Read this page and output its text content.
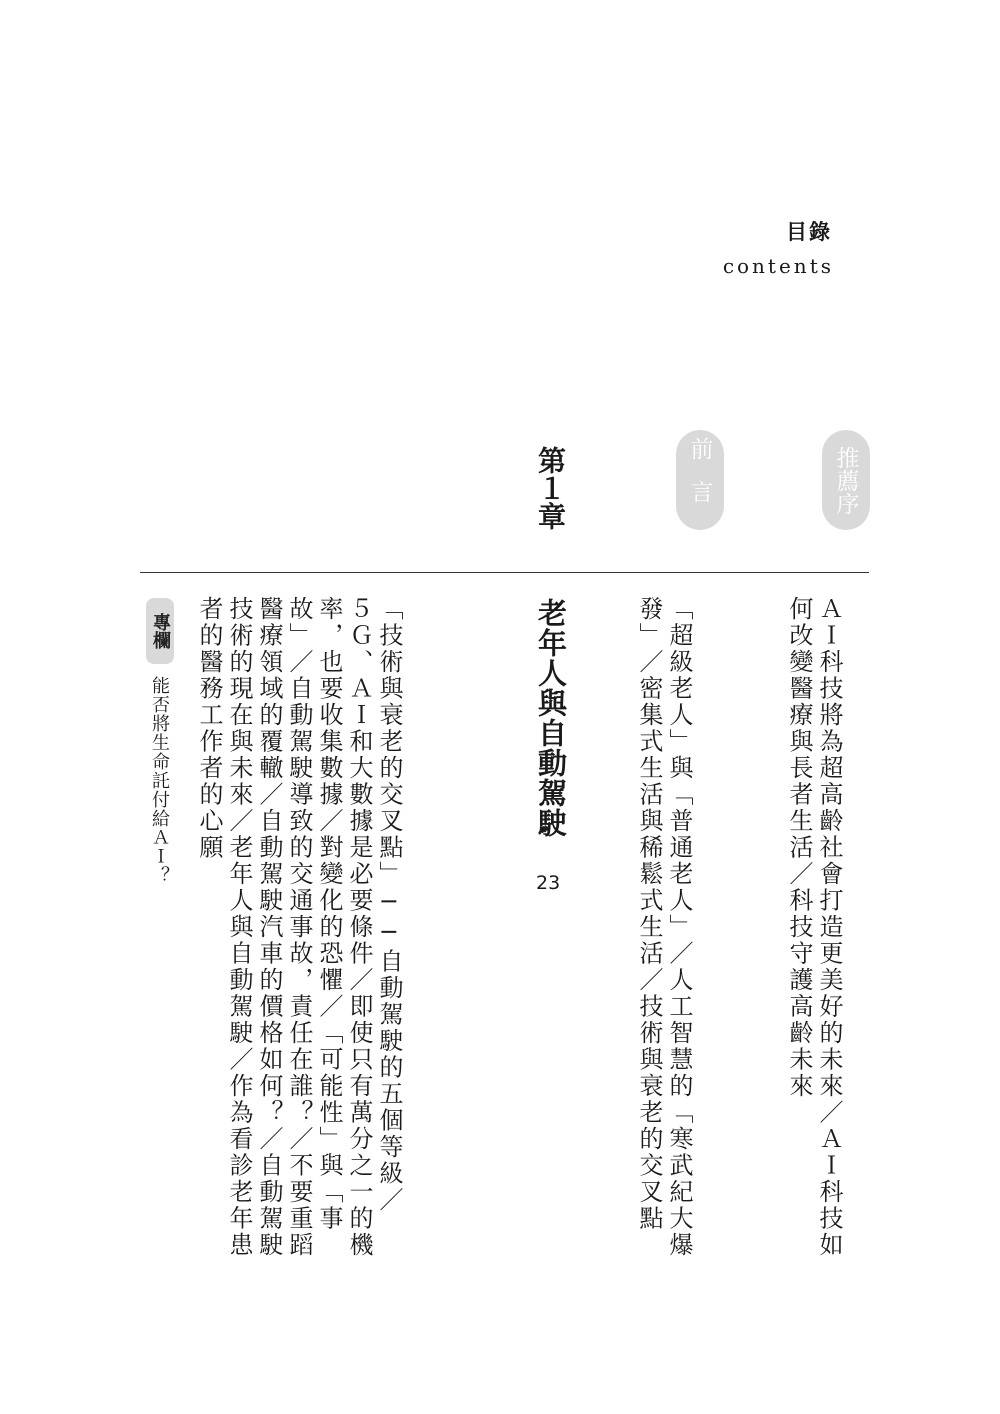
目錄
contents
推薦序
前言
第１章
ＡＩ科技將為超高齡社會打造更美好的未來／ＡＩ科技如
何改變醫療與長者生活／科技守護高齡未來
「超級老人」與「普通老人」／人工智慧的「寒武紀大爆
發」／密集式生活與稀鬆式生活／技術與衰老的交叉點
老年人與自動駕駛
23
「技術與衰老的交叉點」──自動駕駛的五個等級／
５Ｇ、ＡＩ和大數據是必要條件／即使只有萬分之一的機
率，也要收集數據／對變化的恐懼／「可能性」與「事
故」／自動駕駛導致的交通事故，責任在誰？／不要重蹈
醫療領域的覆轍／自動駕駛汽車的價格如何？／自動駕駛
技術的現在與未來／老年人與自動駕駛／作為看診老年患
者的醫務工作者的心願
專欄
能否將生命託付給ＡＩ？
